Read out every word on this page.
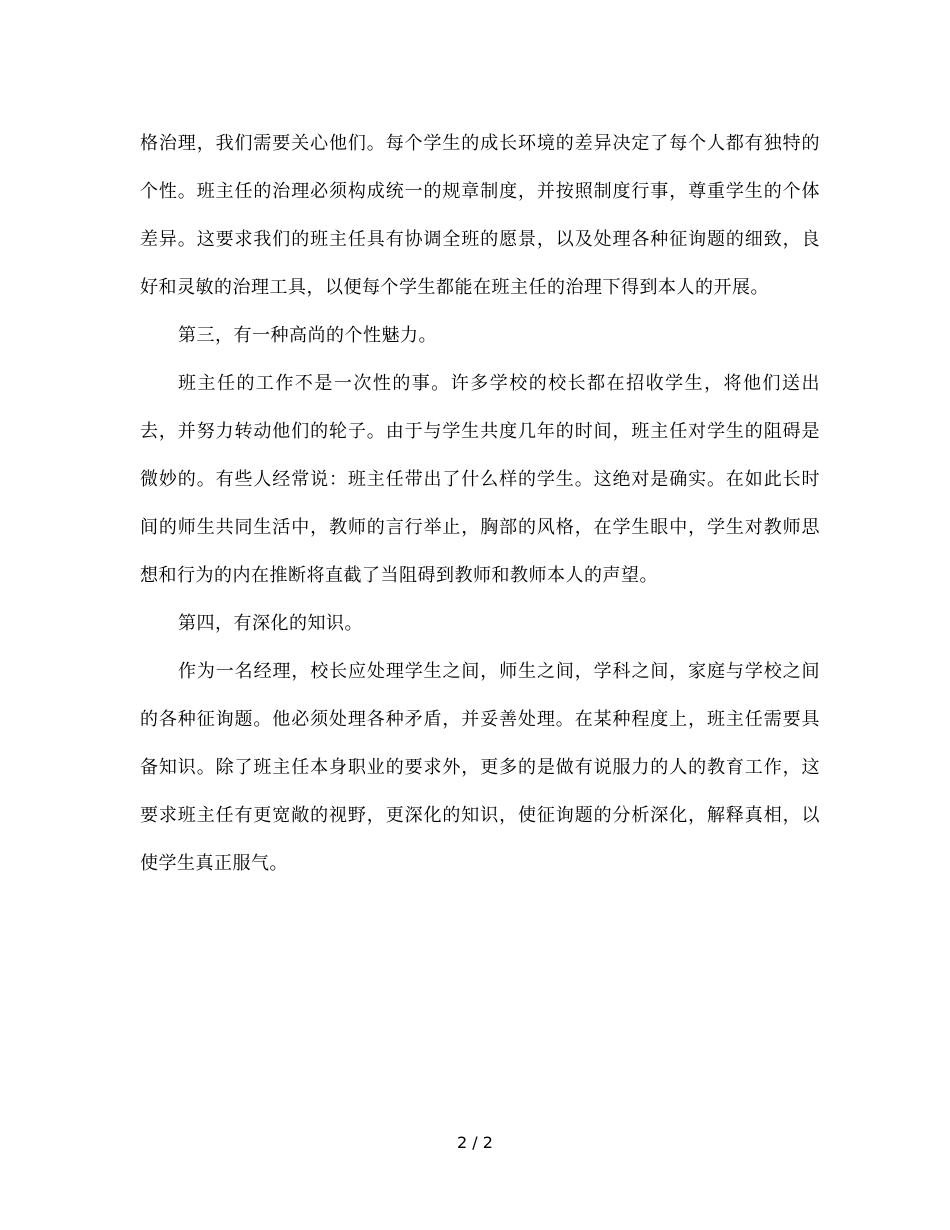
格治理，我们需要关心他们。每个学生的成长环境的差异决定了每个人都有独特的个性。班主任的治理必须构成统一的规章制度，并按照制度行事，尊重学生的个体差异。这要求我们的班主任具有协调全班的愿景，以及处理各种征询题的细致，良好和灵敏的治理工具，以便每个学生都能在班主任的治理下得到本人的开展。

第三，有一种高尚的个性魅力。

班主任的工作不是一次性的事。许多学校的校长都在招收学生，将他们送出去，并努力转动他们的轮子。由于与学生共度几年的时间，班主任对学生的阻碍是微妙的。有些人经常说：班主任带出了什么样的学生。这绝对是确实。在如此长时间的师生共同生活中，教师的言行举止，胸部的风格，在学生眼中，学生对教师思想和行为的内在推断将直截了当阻碍到教师和教师本人的声望。

第四，有深化的知识。

作为一名经理，校长应处理学生之间，师生之间，学科之间，家庭与学校之间的各种征询题。他必须处理各种矛盾，并妥善处理。在某种程度上，班主任需要具备知识。除了班主任本身职业的要求外，更多的是做有说服力的人的教育工作，这要求班主任有更宽敞的视野，更深化的知识，使征询题的分析深化，解释真相，以使学生真正服气。

2 / 2
